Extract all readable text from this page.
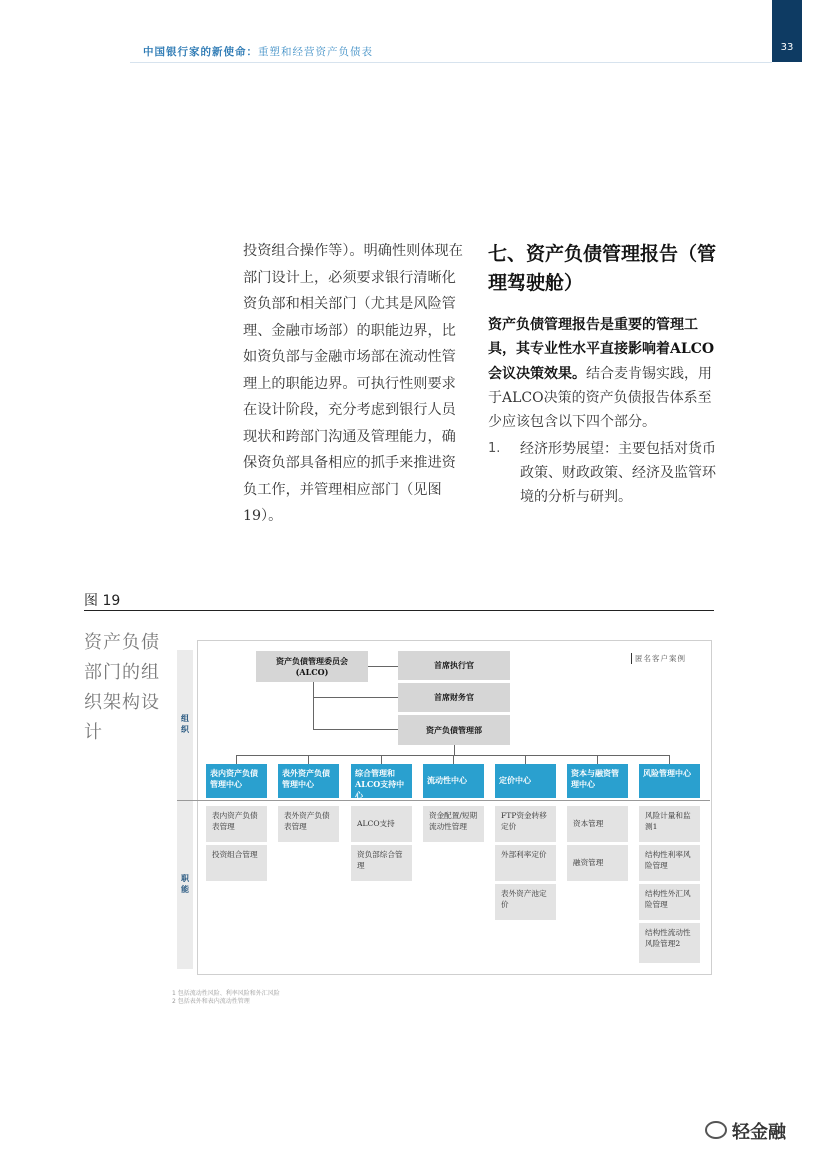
中国银行家的新使命：重塑和经营资产负债表	33

投资组合操作等）。明确性则体现在部门设计上，必须要求银行清晰化资负部和相关部门（尤其是风险管理、金融市场部）的职能边界，比如资负部与金融市场部在流动性管理上的职能边界。可执行性则要求在设计阶段，充分考虑到银行人员现状和跨部门沟通及管理能力，确保资负部具备相应的抓手来推进资负工作，并管理相应部门（见图19）。

七、资产负债管理报告（管理驾驶舱）
资产负债管理报告是重要的管理工具，其专业性水平直接影响着ALCO会议决策效果。结合麦肯锡实践，用于ALCO决策的资产负债报告体系至少应该包含以下四个部分。
1. 经济形势展望：主要包括对货币政策、财政政策、经济及监管环境的分析与研判。
图 19
资产负债部门的组织架构设计
匿名客户案例
组
织
职
能
资产负债管理委员会
(ALCO)
首席执行官
首席财务官
资产负债管理部
表内资产负债管理中心
表外资产负债管理中心
综合管理和ALCO支持中心
流动性中心	定价中心
资本与融资管理中心
风险管理中心
表内资产负债表管理
投资组合管理
表外资产负债表管理	ALCO支持
资负部综合管理
资金配置/短期流动性管理
FTP资金转移定价
外部利率定价
表外资产池定价
资本管理
融资管理
风险计量和监测1
结构性利率风险管理
结构性外汇风险管理
结构性流动性风险管理2
1 包括流动性风险、利率风险和外汇风险
2 包括表外和表内流动性管理
轻金融
